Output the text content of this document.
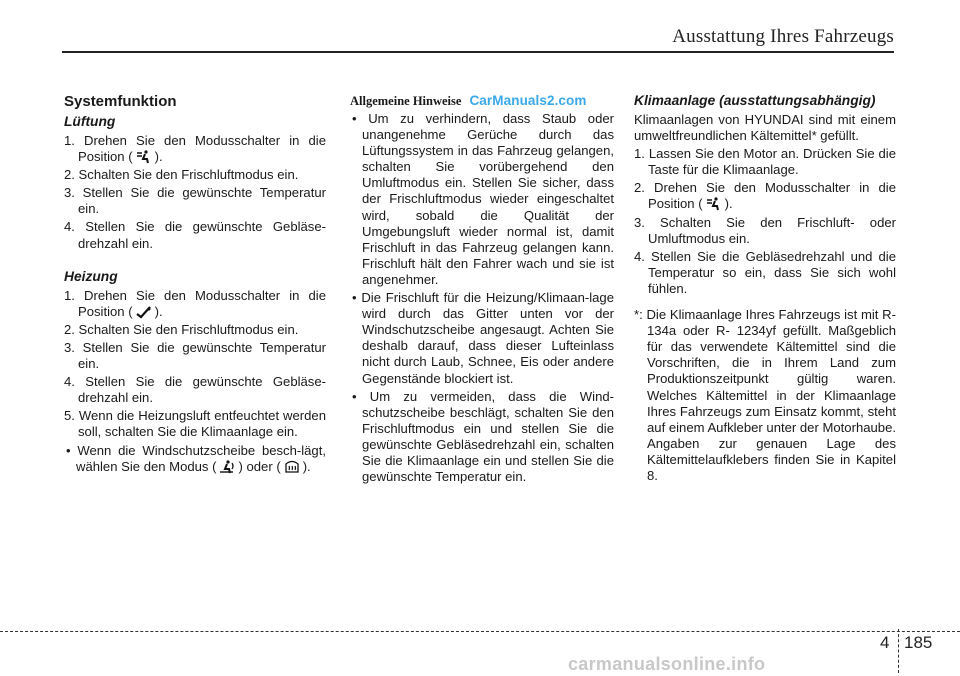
Ausstattung Ihres Fahrzeugs
Systemfunktion
Lüftung
1. Drehen Sie den Modusschalter in die Position ( ).
2. Schalten Sie den Frischluftmodus ein.
3. Stellen Sie die gewünschte Temperatur ein.
4. Stellen Sie die gewünschte Gebläse-drehzahl ein.
Heizung
1. Drehen Sie den Modusschalter in die Position ( ).
2. Schalten Sie den Frischluftmodus ein.
3. Stellen Sie die gewünschte Temperatur ein.
4. Stellen Sie die gewünschte Gebläse-drehzahl ein.
5. Wenn die Heizungsluft entfeuchtet werden soll, schalten Sie die Klimaanlage ein.
• Wenn die Windschutzscheibe besch-lägt, wählen Sie den Modus ( ) oder ( ).
Allgemeine Hinweise CarManuals2.com
• Um zu verhindern, dass Staub oder unangenehme Gerüche durch das Lüftungssystem in das Fahrzeug gelangen, schalten Sie vorübergehend den Umluftmodus ein. Stellen Sie sicher, dass der Frischluftmodus wieder eingeschaltet wird, sobald die Qualität der Umgebungsluft wieder normal ist, damit Frischluft in das Fahrzeug gelangen kann. Frischluft hält den Fahrer wach und sie ist angenehmer.
• Die Frischluft für die Heizung/Klimaan-lage wird durch das Gitter unten vor der Windschutzscheibe angesaugt. Achten Sie deshalb darauf, dass dieser Lufteinlass nicht durch Laub, Schnee, Eis oder andere Gegenstände blockiert ist.
• Um zu vermeiden, dass die Wind-schutzscheibe beschlägt, schalten Sie den Frischluftmodus ein und stellen Sie die gewünschte Gebläsedrehzahl ein, schalten Sie die Klimaanlage ein und stellen Sie die gewünschte Temperatur ein.
Klimaanlage (ausstattungsabhängig)
Klimaanlagen von HYUNDAI sind mit einem umweltfreundlichen Kältemittel* gefüllt.
1. Lassen Sie den Motor an. Drücken Sie die Taste für die Klimaanlage.
2. Drehen Sie den Modusschalter in die Position ( ).
3. Schalten Sie den Frischluft- oder Umluftmodus ein.
4. Stellen Sie die Gebläsedrehzahl und die Temperatur so ein, dass Sie sich wohl fühlen.
*: Die Klimaanlage Ihres Fahrzeugs ist mit R-134a oder R- 1234yf gefüllt. Maßgeblich für das verwendete Kältemittel sind die Vorschriften, die in Ihrem Land zum Produktionszeitpunkt gültig waren. Welches Kältemittel in der Klimaanlage Ihres Fahrzeugs zum Einsatz kommt, steht auf einem Aufkleber unter der Motorhaube. Angaben zur genauen Lage des Kältemittelaufklebers finden Sie in Kapitel 8.
4 185
carmanualsonline.info
